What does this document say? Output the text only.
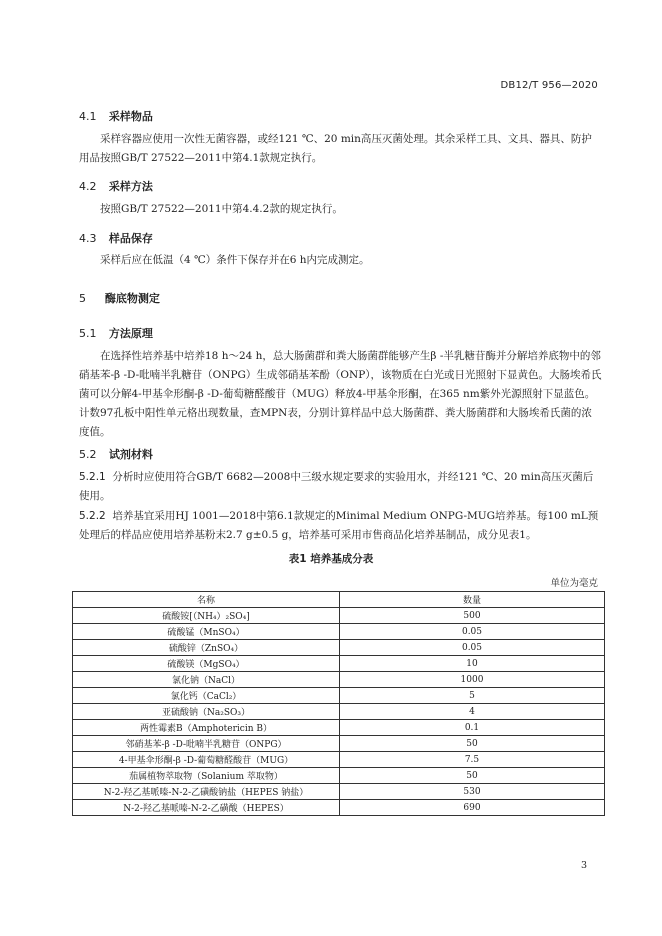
DB12/T 956—2020
4.1 采样物品
采样容器应使用一次性无菌容器，或经121 ℃、20 min高压灭菌处理。其余采样工具、文具、器具、防护用品按照GB/T 27522—2011中第4.1款规定执行。
4.2 采样方法
按照GB/T 27522—2011中第4.4.2款的规定执行。
4.3 样品保存
采样后应在低温（4 ℃）条件下保存并在6 h内完成测定。
5 酶底物测定
5.1 方法原理
在选择性培养基中培养18 h～24 h，总大肠菌群和粪大肠菌群能够产生β -半乳糖苷酶并分解培养底物中的邻硝基苯-β -D-吡喃半乳糖苷（ONPG）生成邻硝基苯酚（ONP），该物质在白光或日光照射下显黄色。大肠埃希氏菌可以分解4-甲基伞形酮-β -D-葡萄糖醛酸苷（MUG）释放4-甲基伞形酮，在365 nm紫外光源照射下显蓝色。计数97孔板中阳性单元格出现数量，查MPN表，分别计算样品中总大肠菌群、粪大肠菌群和大肠埃希氏菌的浓度值。
5.2 试剂材料
5.2.1 分析时应使用符合GB/T 6682—2008中三级水规定要求的实验用水，并经121 ℃、20 min高压灭菌后使用。
5.2.2 培养基宜采用HJ 1001—2018中第6.1款规定的Minimal Medium ONPG-MUG培养基。每100 mL预处理后的样品应使用培养基粉末2.7 g±0.5 g，培养基可采用市售商品化培养基制品，成分见表1。
表1 培养基成分表
单位为毫克
名称	数量
硫酸铵[（NH₄）₂SO₄]	500
硫酸锰（MnSO₄）	0.05
硫酸锌（ZnSO₄）	0.05
硫酸镁（MgSO₄）	10
氯化钠（NaCl）	1000
氯化钙（CaCl₂）	5
亚硫酸钠（Na₂SO₃）	4
两性霉素B（Amphotericin B）	0.1
邻硝基苯-β -D-吡喃半乳糖苷（ONPG）	50
4-甲基伞形酮-β -D-葡萄糖醛酸苷（MUG）	7.5
茄属植物萃取物（Solanium 萃取物）	50
N-2-羟乙基哌嗪-N-2-乙磺酸钠盐（HEPES 钠盐）	530
N-2-羟乙基哌嗪-N-2-乙磺酸（HEPES）	690
3
